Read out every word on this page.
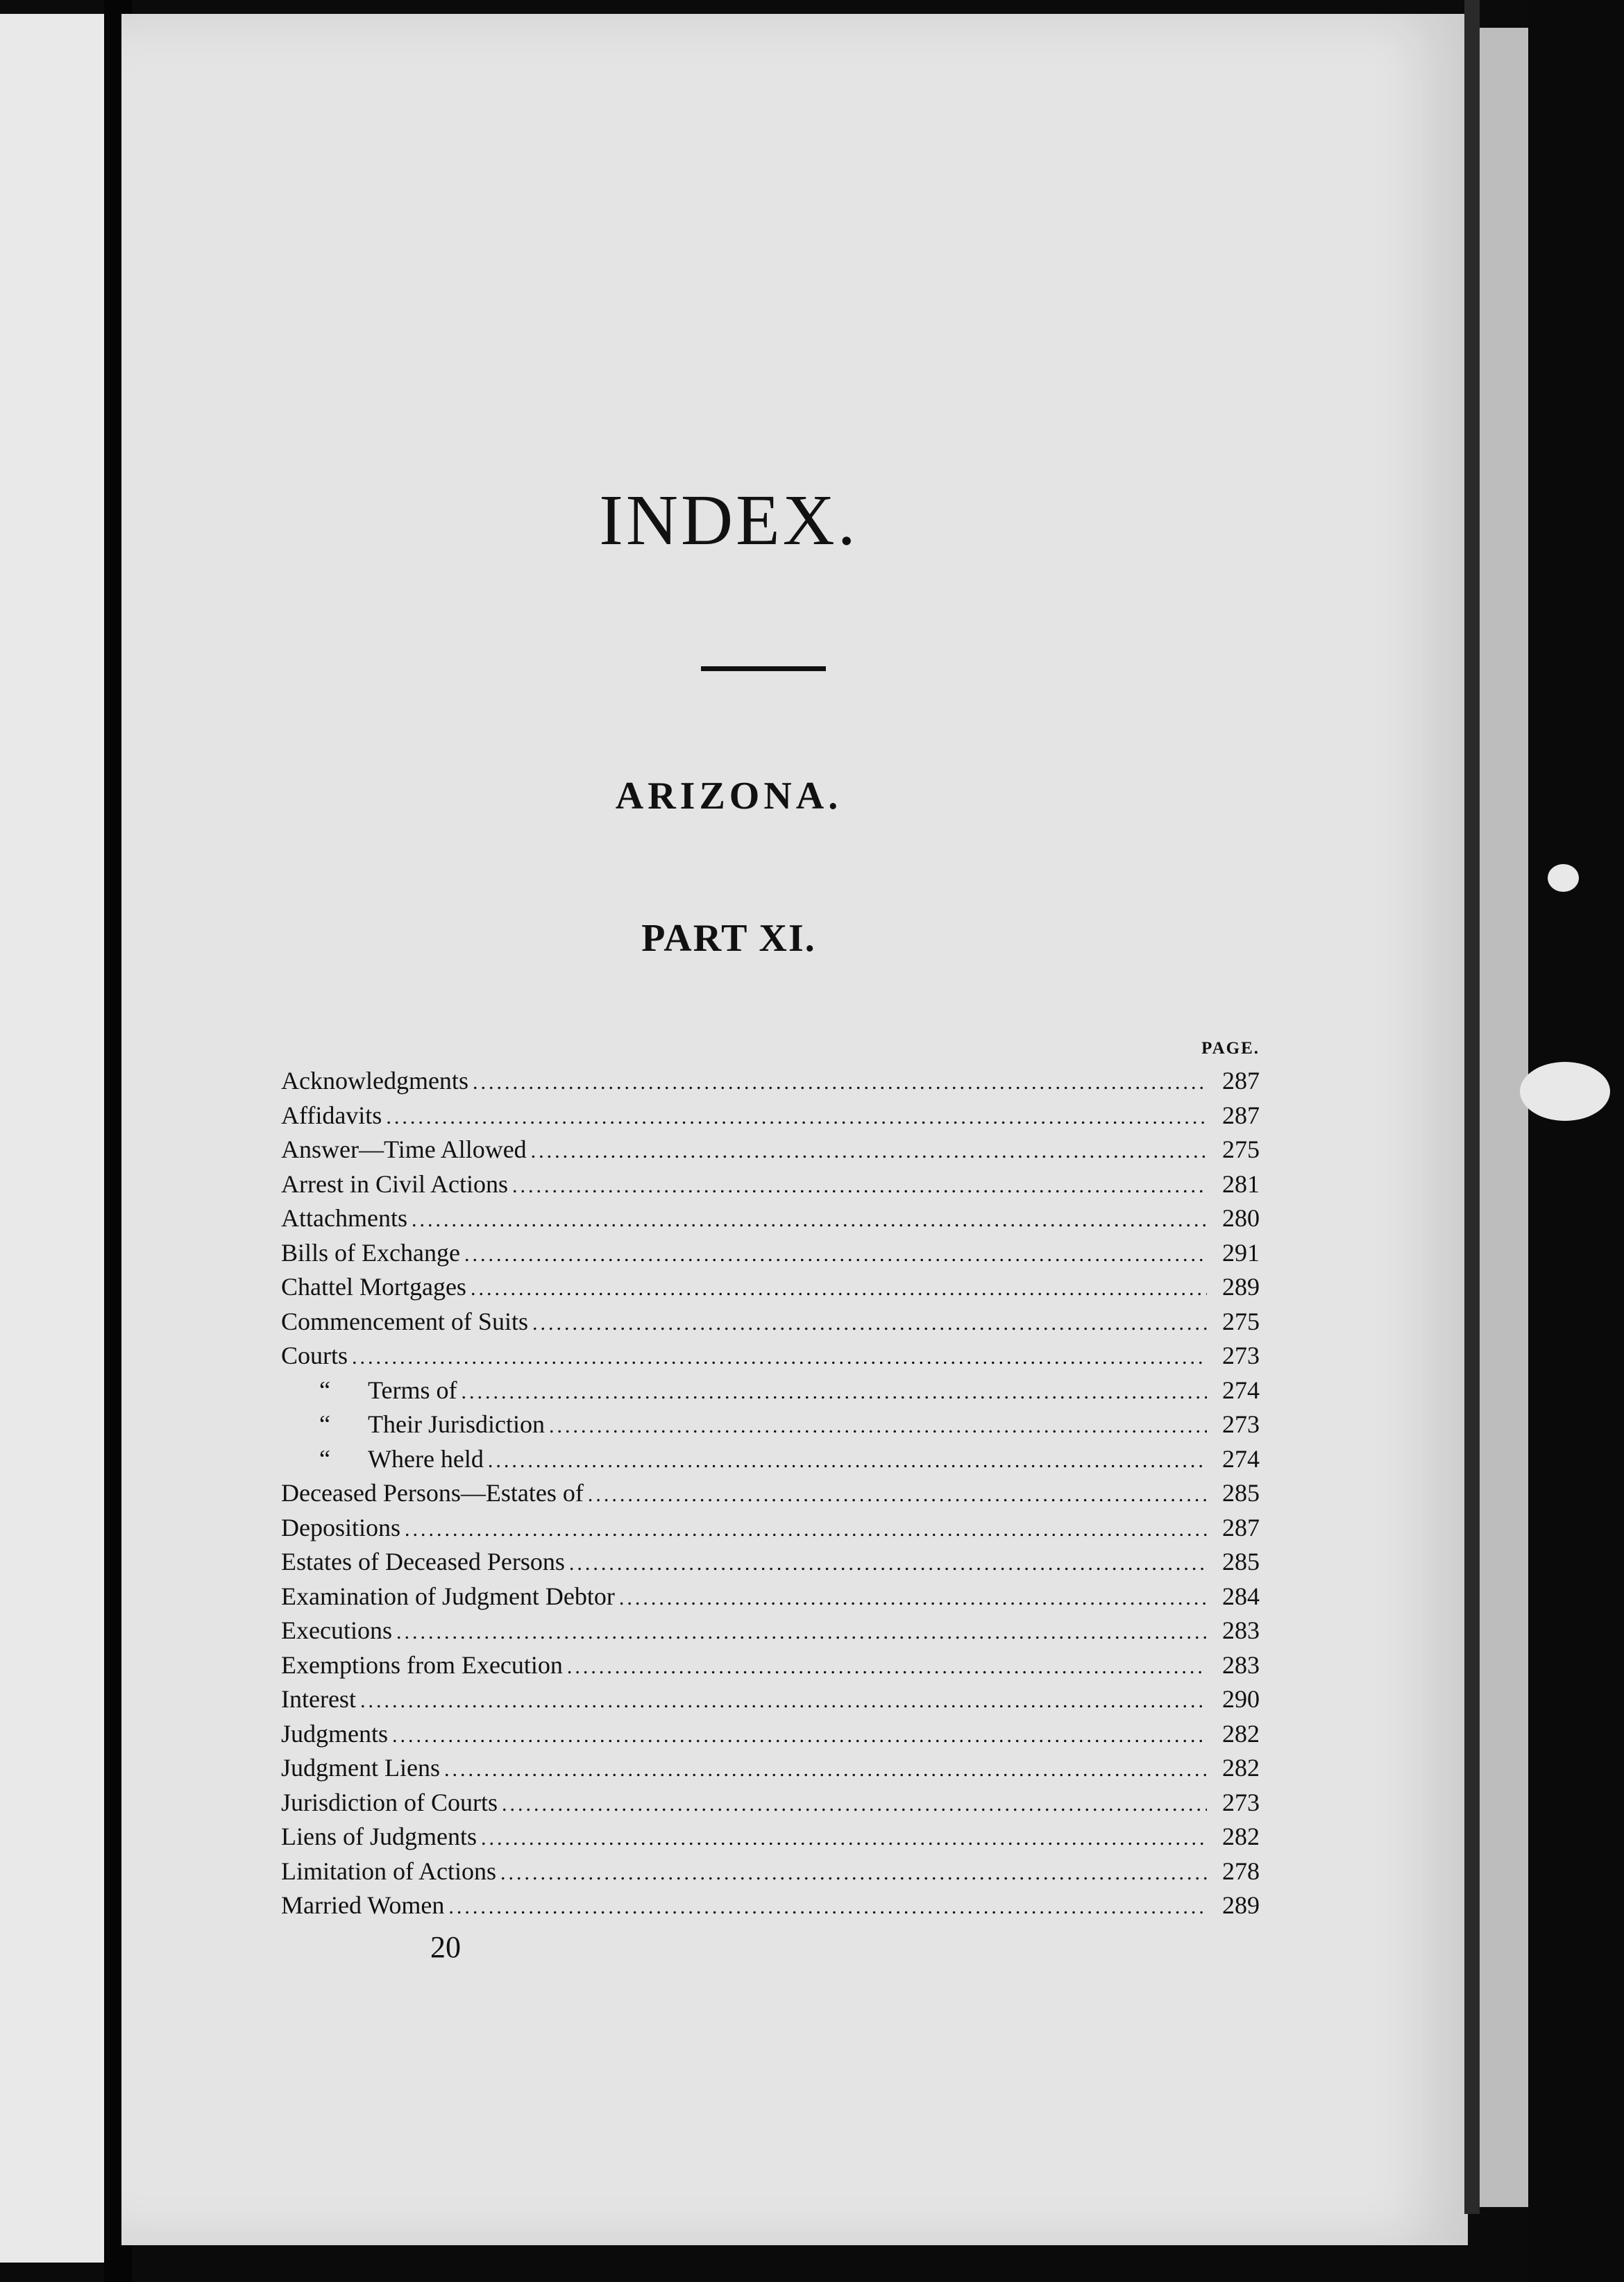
INDEX.
ARIZONA.
PART XI.
PAGE.
Acknowledgments .....	287
Affidavits .....	287
Answer—Time Allowed .....	275
Arrest in Civil Actions .....	281
Attachments .....	280
Bills of Exchange .....	291
Chattel Mortgages .....	289
Commencement of Suits .....	275
Courts .....	273
“ Terms of .....	274
“ Their Jurisdiction .....	273
“ Where held .....	274
Deceased Persons—Estates of .....	285
Depositions .....	287
Estates of Deceased Persons .....	285
Examination of Judgment Debtor .....	284
Executions .....	283
Exemptions from Execution .....	283
Interest .....	290
Judgments .....	282
Judgment Liens .....	282
Jurisdiction of Courts .....	273
Liens of Judgments .....	282
Limitation of Actions .....	278
Married Women .....	289
20
